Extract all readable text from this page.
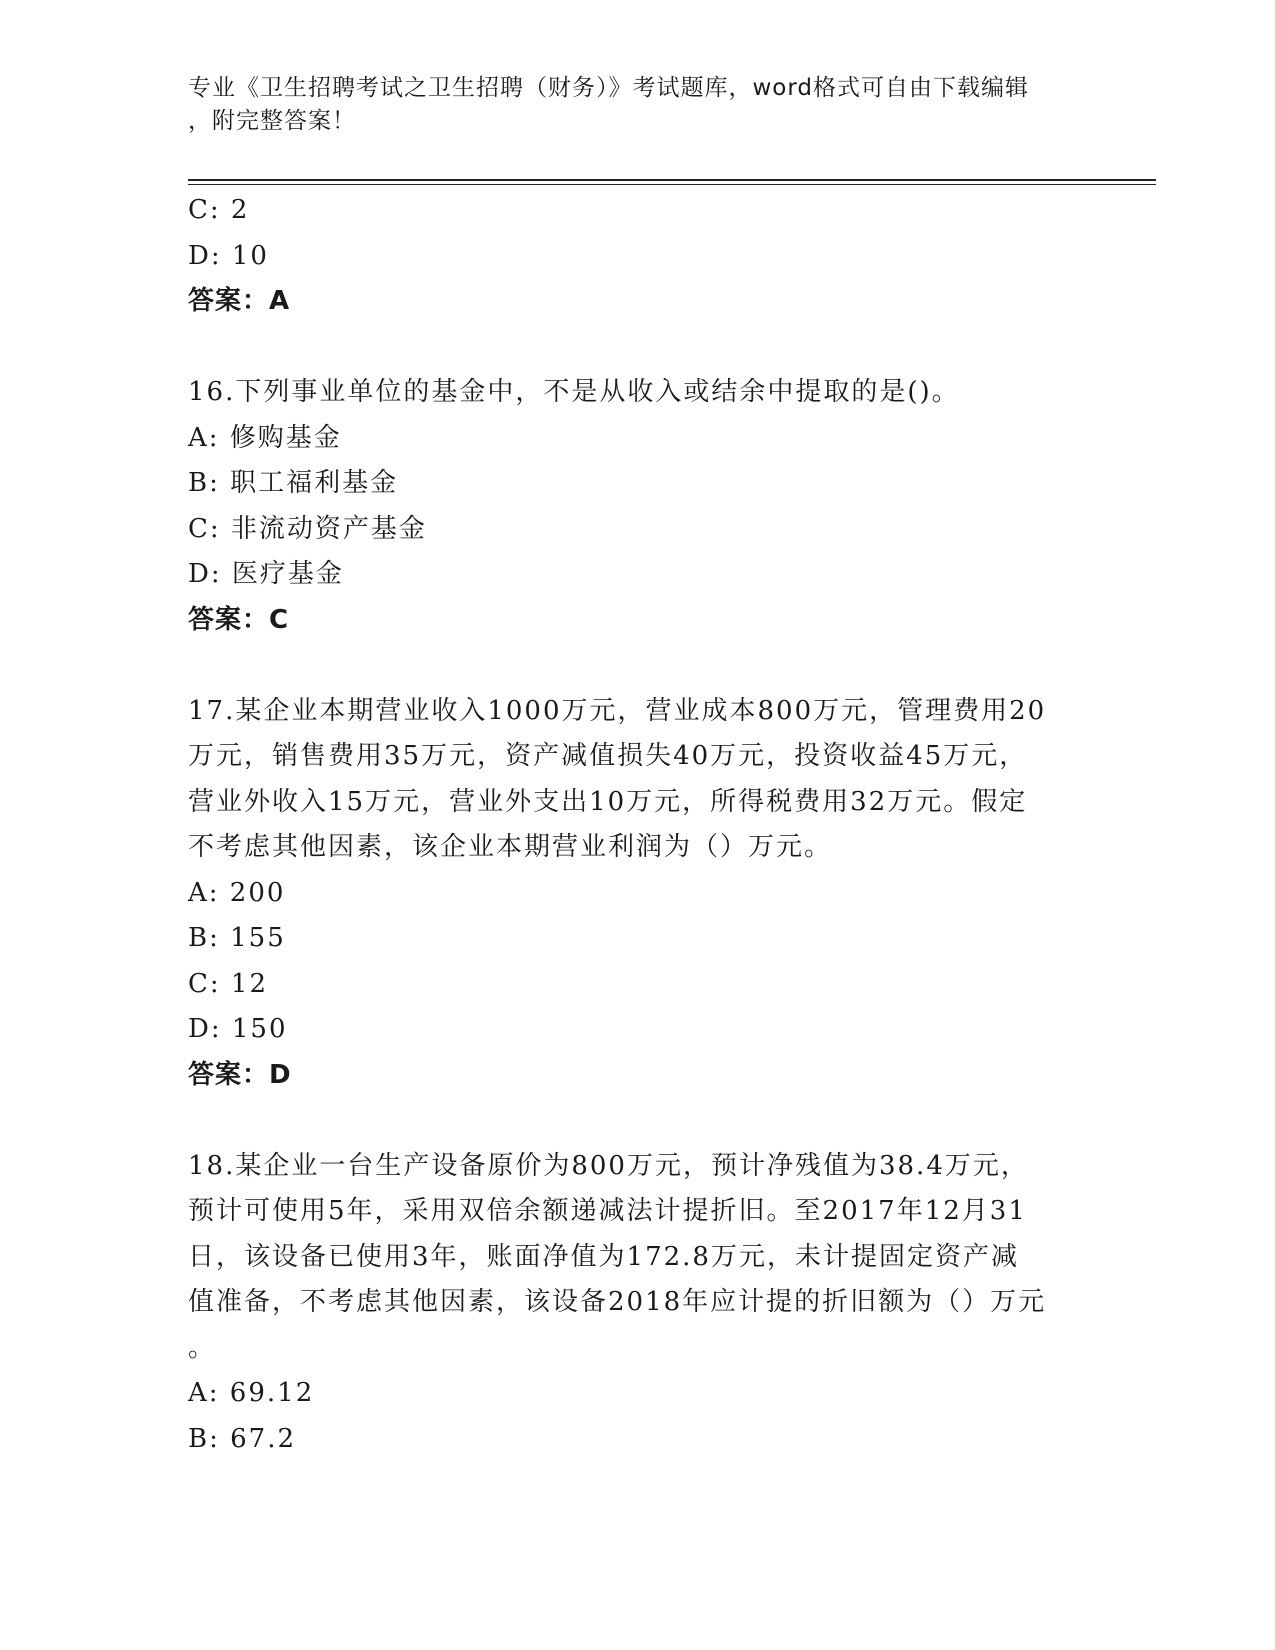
专业《卫生招聘考试之卫生招聘（财务）》考试题库，word格式可自由下载编辑
，附完整答案！
C: 2
D: 10
答案：A
16.下列事业单位的基金中，不是从收入或结余中提取的是()。
A: 修购基金
B: 职工福利基金
C: 非流动资产基金
D: 医疗基金
答案：C
17.某企业本期营业收入1000万元，营业成本800万元，管理费用20
万元，销售费用35万元，资产减值损失40万元，投资收益45万元，
营业外收入15万元，营业外支出10万元，所得税费用32万元。假定
不考虑其他因素，该企业本期营业利润为（）万元。
A: 200
B: 155
C: 12
D: 150
答案：D
18.某企业一台生产设备原价为800万元，预计净残值为38.4万元，
预计可使用5年，采用双倍余额递减法计提折旧。至2017年12月31
日，该设备已使用3年，账面净值为172.8万元，未计提固定资产减
值准备，不考虑其他因素，该设备2018年应计提的折旧额为（）万元
。
A: 69.12
B: 67.2
